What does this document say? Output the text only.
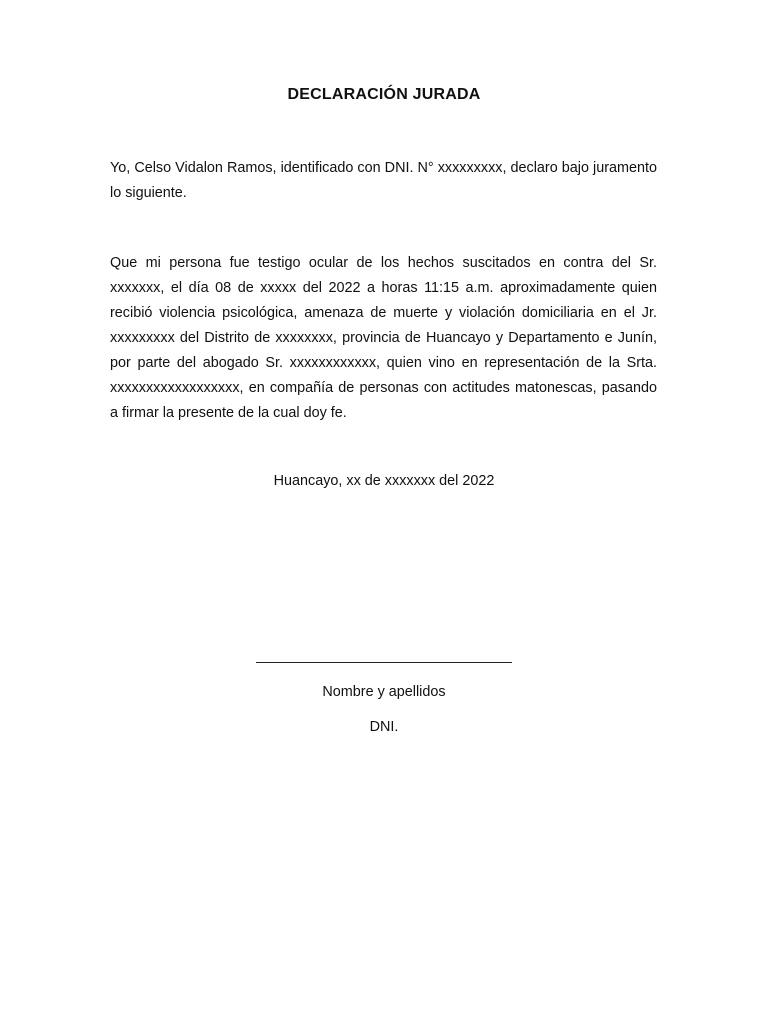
DECLARACIÓN JURADA

Yo, Celso Vidalon Ramos, identificado con DNI. N° xxxxxxxxx, declaro bajo juramento lo siguiente.

Que mi persona fue testigo ocular de los hechos suscitados en contra del Sr. xxxxxxx, el día 08 de xxxxx del 2022 a horas 11:15 a.m. aproximadamente quien recibió violencia psicológica, amenaza de muerte y violación domiciliaria en el Jr. xxxxxxxxx del Distrito de xxxxxxxx, provincia de Huancayo y Departamento e Junín, por parte del abogado Sr. xxxxxxxxxxxx, quien vino en representación de la Srta. xxxxxxxxxxxxxxxxxx, en compañía de personas con actitudes matonescas, pasando a firmar la presente de la cual doy fe.

Huancayo, xx de xxxxxxx del 2022
Nombre y apellidos
DNI.
